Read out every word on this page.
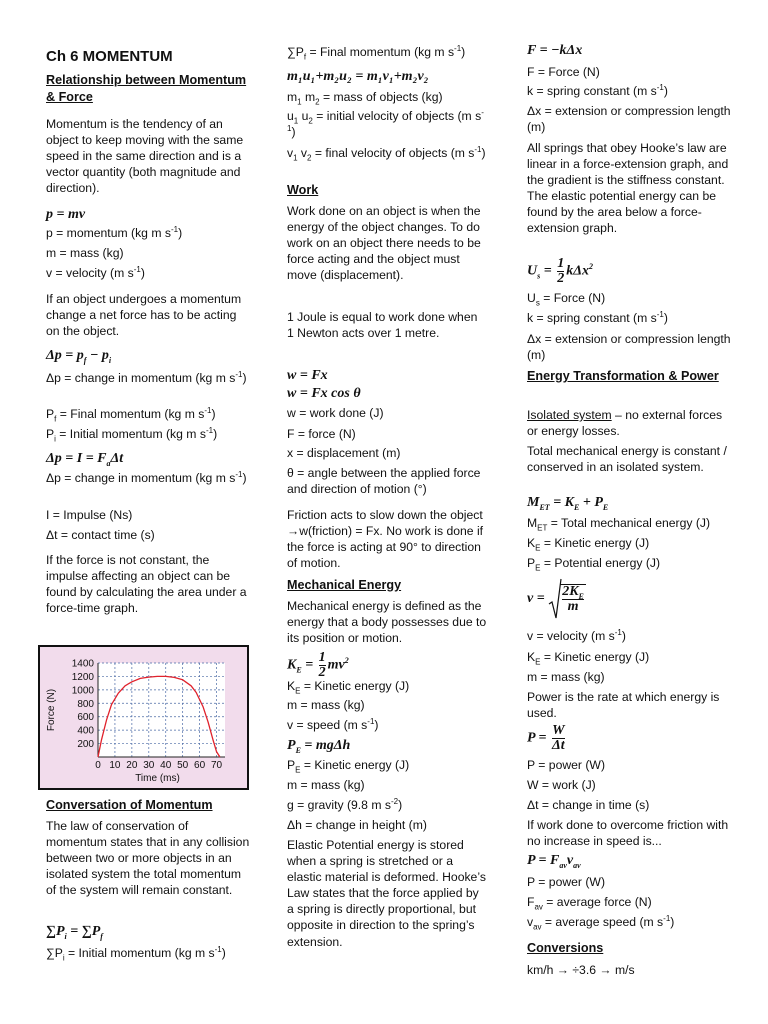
Ch 6 MOMENTUM
Relationship between Momentum & Force
Momentum is the tendency of an object to keep moving with the same speed in the same direction and is a vector quantity (both magnitude and direction).
p = mv
p = momentum (kg m $s^{-1}$)
m = mass (kg)
v = velocity (m $s^{-1}$)
If an object undergoes a momentum change a net force has to be acting on the object.
$\Delta p = p_f - p_i$
Δp = change in momentum (kg m $s^{-1}$)
$P_f$ = Final momentum (kg m $s^{-1}$)
$P_i$ = Initial momentum (kg m $s^{-1}$)
$\Delta p = I = F_a\Delta t$
Δp = change in momentum (kg m $s^{-1}$)
I = Impulse (Ns)
Δt = contact time (s)
If the force is not constant, the impulse affecting an object can be found by calculating the area under a force-time graph.
Conversation of Momentum
The law of conservation of momentum states that in any collision between two or more objects in an isolated system the total momentum of the system will remain constant.
$\sum P_i = \sum P_f$
$\sum P_i$ = Initial momentum (kg m $s^{-1}$)
0 10 20 30 40 50 60 70
200
400
600
800
1000
1200
1400
Time (ms)
Force (N)
$\sum P_f$ = Final momentum (kg m $s^{-1}$)
m₁u₁+m₂u₂ = m₁v₁+m₂v₂
$m_1$ $m_2$ = mass of objects (kg)
$u_1$ $u_2$ = initial velocity of objects (m $s^{-1}$)
$v_1$ $v_2$ = final velocity of objects (m $s^{-1}$)
Work
Work done on an object is when the energy of the object changes. To do work on an object there needs to be force acting and the object must move (displacement).
1 Joule is equal to work done when 1 Newton acts over 1 metre.
w = Fx
w = Fx cos θ
w = work done (J)
F = force (N)
x = displacement (m)
θ = angle between the applied force and direction of motion (°)
Friction acts to slow down the object →w(friction) = Fx. No work is done if the force is acting at 90° to direction of motion.
Mechanical Energy
Mechanical energy is defined as the energy that a body possesses due to its position or motion.
$K_E = \frac{1}{2} mv^2$
$K_E$ = Kinetic energy (J)
m = mass (kg)
v = speed (m $s^{-1}$)
$P_E = mg\Delta h$
$P_E$ = Kinetic energy (J)
m = mass (kg)
g = gravity (9.8 m $s^{-2}$)
Δh = change in height (m)
Elastic Potential energy is stored when a spring is stretched or a elastic material is deformed. Hooke’s Law states that the force applied by a spring is directly proportional, but opposite in direction to the spring’s extension.
F = −kΔx
F = Force (N)
k = spring constant (m $s^{-1}$)
Δx = extension or compression length (m)
All springs that obey Hooke’s law are linear in a force-extension graph, and the gradient is the stiffness constant. The elastic potential energy can be found by the area below a force-extension graph.
$U_s = \frac{1}{2} k\Delta x^2$
$U_s$ = Force (N)
k = spring constant (m $s^{-1}$)
Δx = extension or compression length (m)
Energy Transformation & Power
Isolated system – no external forces or energy losses.
Total mechanical energy is constant / conserved in an isolated system.
$M_{ET} = K_E + P_E$
$M_{ET}$ = Total mechanical energy (J)
$K_E$ = Kinetic energy (J)
$P_E$ = Potential energy (J)
$v = \frac{2K_E}{m}$
v = velocity (m $s^{-1}$)
$K_E$ = Kinetic energy (J)
m = mass (kg)
Power is the rate at which energy is used.
$P = \frac{W}{\Delta t}$
P = power (W)
W = work (J)
Δt = change in time (s)
If work done to overcome friction with no increase in speed is...
$P = F_{av}v_{av}$
P = power (W)
$F_{av}$ = average force (N)
$v_{av}$ = average speed (m $s^{-1}$)
Conversions
km/h → ÷3.6 → m/s
